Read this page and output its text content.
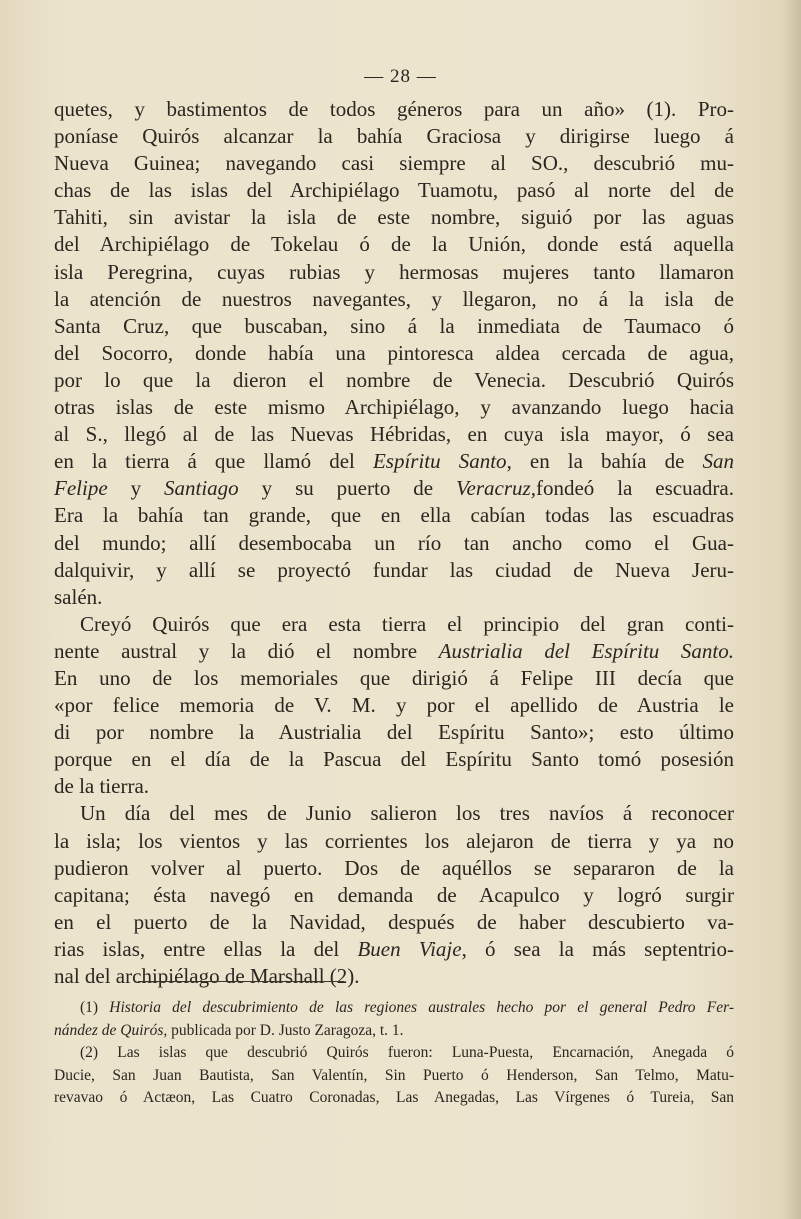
— 28 —
quetes, y bastimentos de todos géneros para un año» (1). Pro-
poníase Quirós alcanzar la bahía Graciosa y dirigirse luego á
Nueva Guinea; navegando casi siempre al SO., descubrió mu-
chas de las islas del Archipiélago Tuamotu, pasó al norte del de
Tahiti, sin avistar la isla de este nombre, siguió por las aguas
del Archipiélago de Tokelau ó de la Unión, donde está aquella
isla Peregrina, cuyas rubias y hermosas mujeres tanto llamaron
la atención de nuestros navegantes, y llegaron, no á la isla de
Santa Cruz, que buscaban, sino á la inmediata de Taumaco ó
del Socorro, donde había una pintoresca aldea cercada de agua,
por lo que la dieron el nombre de Venecia. Descubrió Quirós
otras islas de este mismo Archipiélago, y avanzando luego hacia
al S., llegó al de las Nuevas Hébridas, en cuya isla mayor, ó sea
en la tierra á que llamó del Espíritu Santo, en la bahía de San
Felipe y Santiago y su puerto de Veracruz,fondeó la escuadra.
Era la bahía tan grande, que en ella cabían todas las escuadras
del mundo; allí desembocaba un río tan ancho como el Gua-
dalquivir, y allí se proyectó fundar las ciudad de Nueva Jeru-
salén.
Creyó Quirós que era esta tierra el principio del gran conti-
nente austral y la dió el nombre Austrialia del Espíritu Santo.
En uno de los memoriales que dirigió á Felipe III decía que
«por felice memoria de V. M. y por el apellido de Austria le
di por nombre la Austrialia del Espíritu Santo»; esto último
porque en el día de la Pascua del Espíritu Santo tomó posesión
de la tierra.
Un día del mes de Junio salieron los tres navíos á reconocer
la isla; los vientos y las corrientes los alejaron de tierra y ya no
pudieron volver al puerto. Dos de aquéllos se separaron de la
capitana; ésta navegó en demanda de Acapulco y logró surgir
en el puerto de la Navidad, después de haber descubierto va-
rias islas, entre ellas la del Buen Viaje, ó sea la más septentrio-
nal del archipiélago de Marshall (2).
(1) Historia del descubrimiento de las regiones australes hecho por el general Pedro Fer-
nández de Quirós, publicada por D. Justo Zaragoza, t. 1.
(2) Las islas que descubrió Quirós fueron: Luna-Puesta, Encarnación, Anegada ó
Ducie, San Juan Bautista, San Valentín, Sin Puerto ó Henderson, San Telmo, Matu-
revavao ó Actæon, Las Cuatro Coronadas, Las Anegadas, Las Vírgenes ó Tureia, San
